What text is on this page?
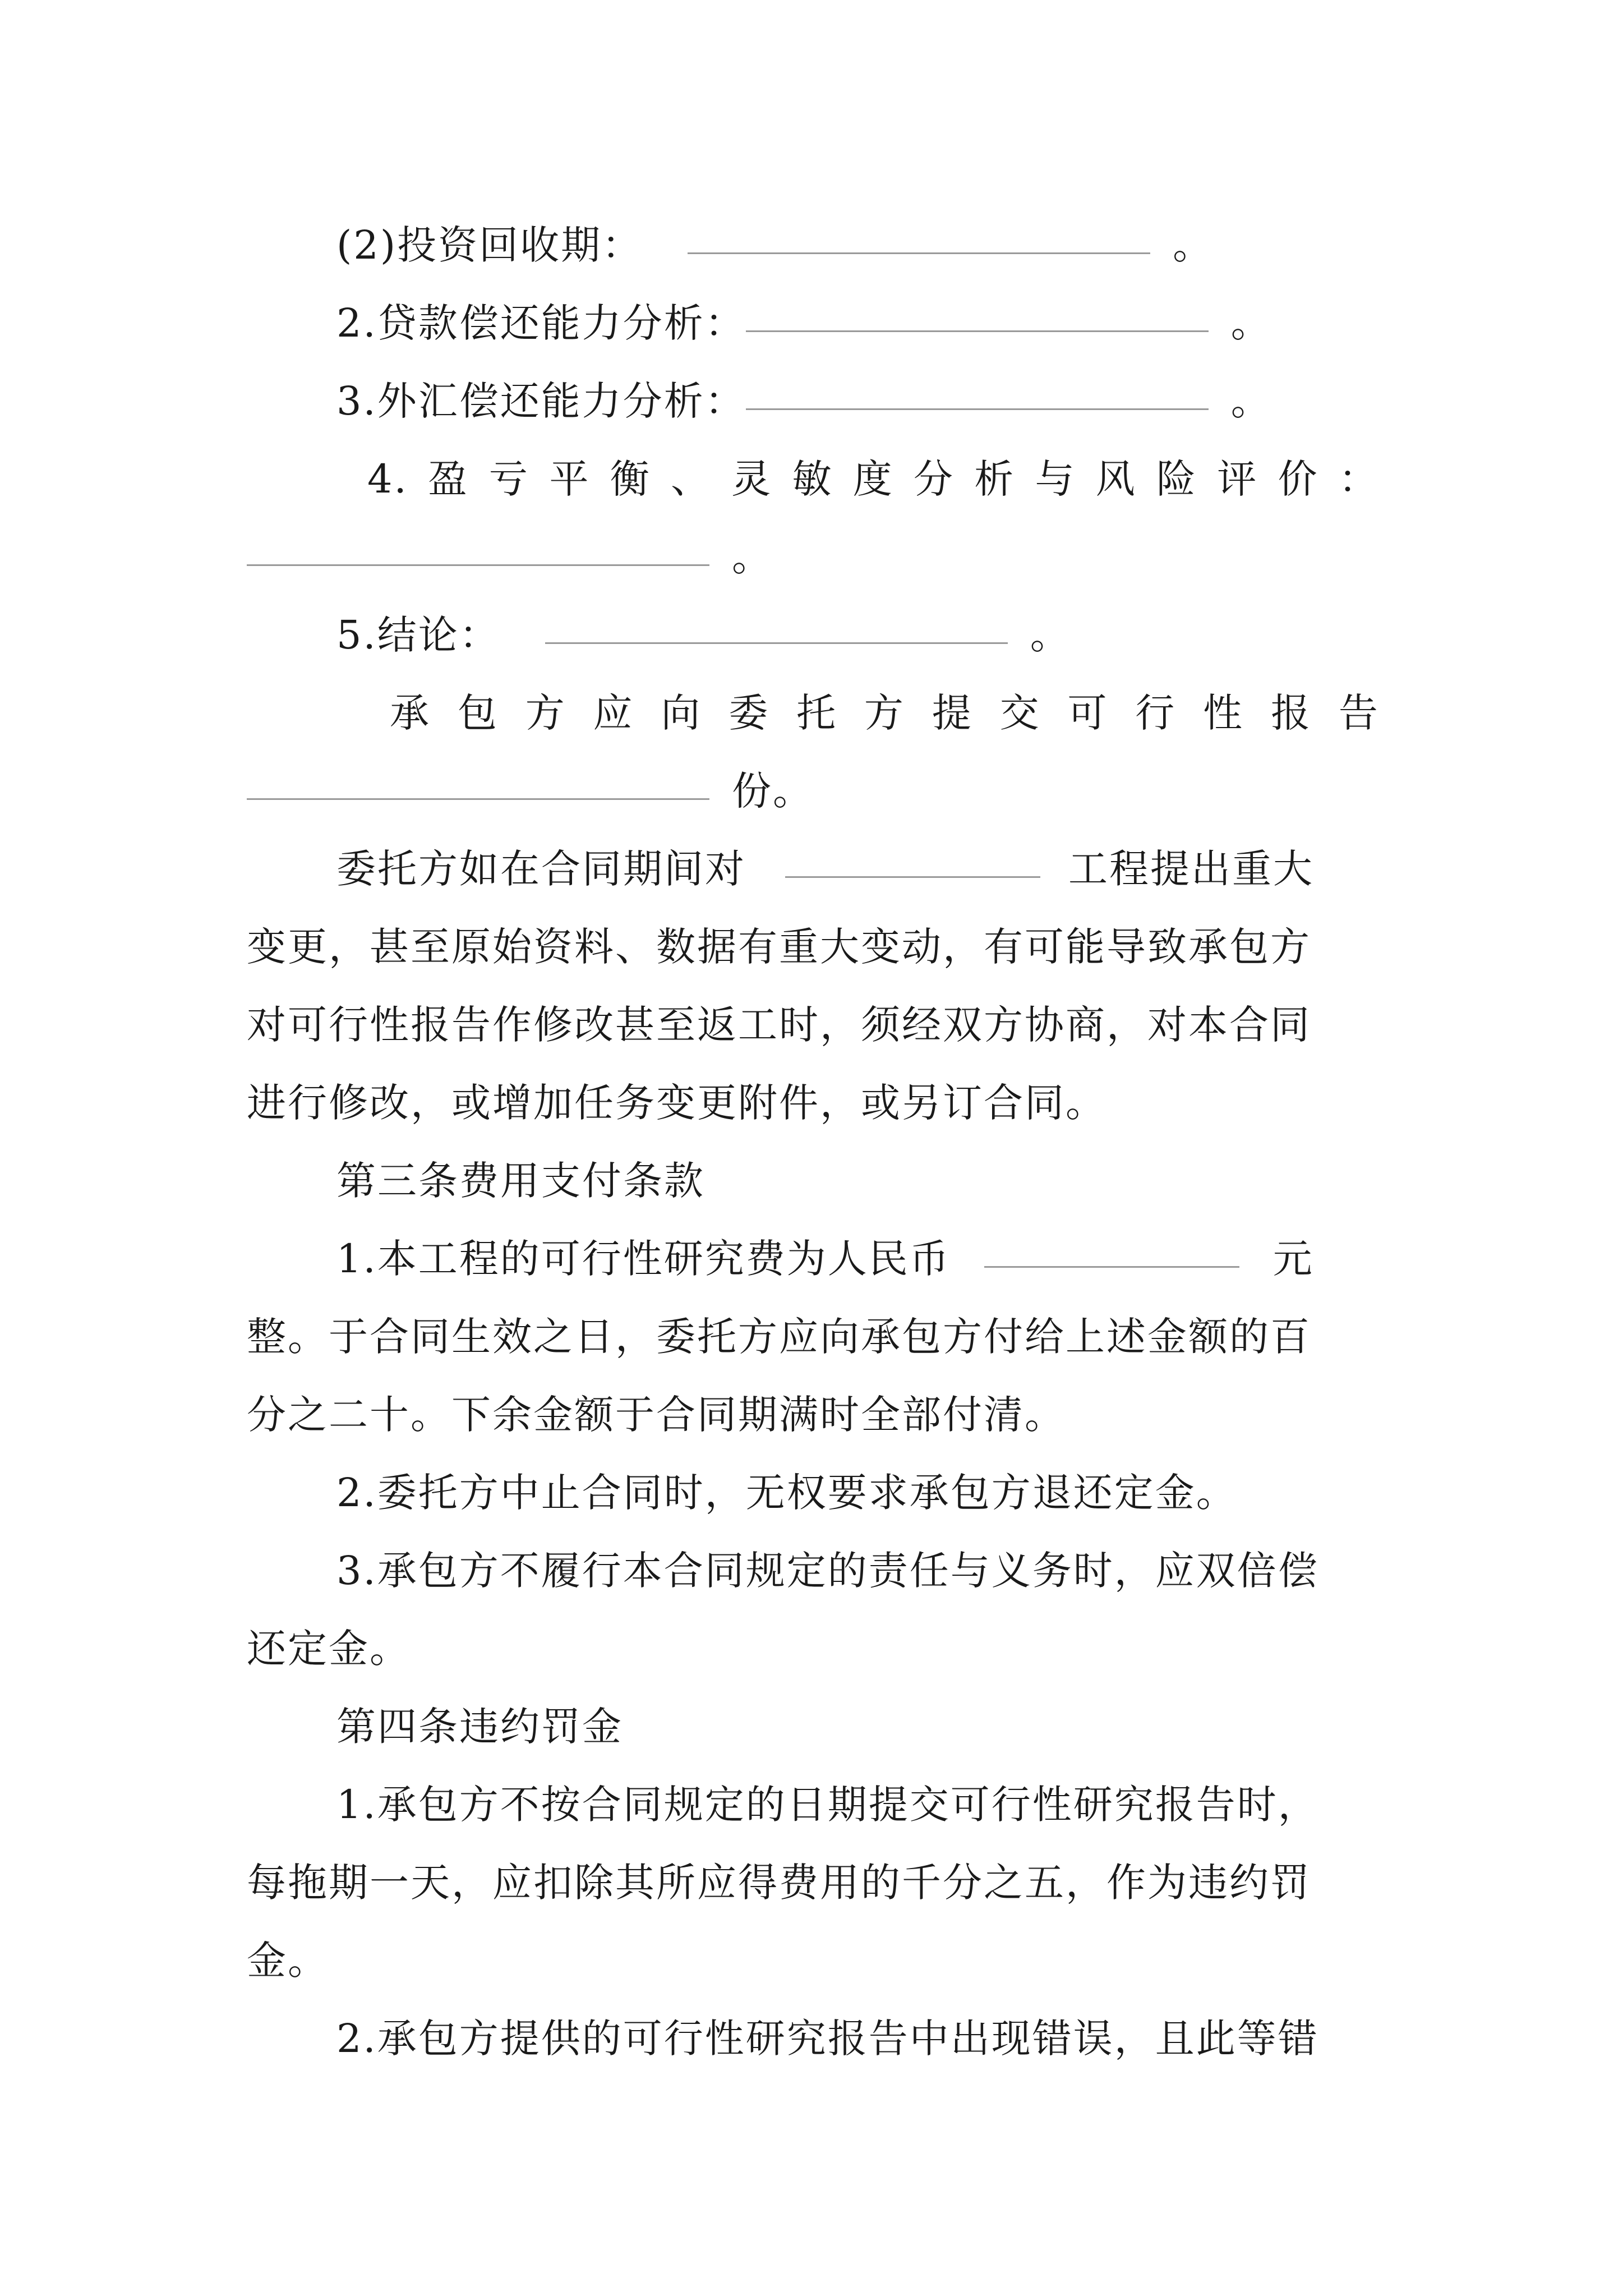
(2)投资回收期：	。
2.贷款偿还能力分析：	。
3.外汇偿还能力分析：	。
4. 盈 亏 平 衡 、 灵 敏 度 分 析 与 风 险 评 价 ：
。
5.结论：	。
承 包 方 应 向 委 托 方 提 交 可 行 性 报 告
份。
委托方如在合同期间对	工程提出重大
变更，甚至原始资料、数据有重大变动，有可能导致承包方
对可行性报告作修改甚至返工时，须经双方协商，对本合同
进行修改，或增加任务变更附件，或另订合同。
第三条费用支付条款
1.本工程的可行性研究费为人民币	元
整。于合同生效之日，委托方应向承包方付给上述金额的百
分之二十。下余金额于合同期满时全部付清。
2.委托方中止合同时，无权要求承包方退还定金。
3.承包方不履行本合同规定的责任与义务时，应双倍偿
还定金。
第四条违约罚金
1.承包方不按合同规定的日期提交可行性研究报告时，
每拖期一天，应扣除其所应得费用的千分之五，作为违约罚
金。
2.承包方提供的可行性研究报告中出现错误，且此等错
